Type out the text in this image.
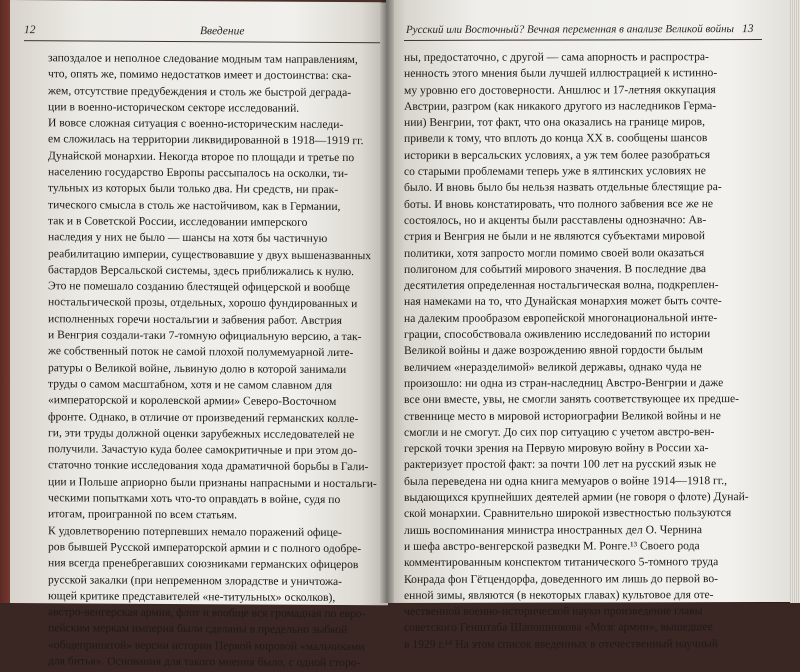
12	Введение
запоздалое и неполное следование модным там направлениям,
что, опять же, помимо недостатков имеет и достоинства: ска-
жем, отсутствие предубеждения и столь же быстрой деграда-
ции в военно-историческом секторе исследований.
И вовсе сложная ситуация с военно-историческим наследи-
ем сложилась на территории ликвидированной в 1918—1919 гг.
Дунайской монархии. Некогда второе по площади и третье по
населению государство Европы рассыпалось на осколки, ти-
тульных из которых были только два. Ни средств, ни прак-
тического смысла в столь же настойчивом, как в Германии,
так и в Советской России, исследовании имперского
наследия у них не было — шансы на хотя бы частичную
реабилитацию империи, существовавшие у двух вышеназванных
бастардов Версальской системы, здесь приближались к нулю.
Это не помешало созданию блестящей офицерской и вообще
ностальгической прозы, отдельных, хорошо фундированных и
исполненных горечи ностальгии и забвения работ. Австрия
и Венгрия создали-таки 7-томную официальную версию, а так-
же собственный поток не самой плохой полумемуарной лите-
ратуры о Великой войне, львиную долю в которой занимали
труды о самом масштабном, хотя и не самом славном для
«императорской и королевской армии» Северо-Восточном
фронте. Однако, в отличие от произведений германских колле-
ги, эти труды должной оценки зарубежных исследователей не
получили. Зачастую куда более самокритичные и при этом до-
статочно тонкие исследования хода драматичной борьбы в Гали-
ции и Польше априорно были признаны напрасными и ностальги-
ческими попытками хоть что-то оправдать в войне, судя по
итогам, проигранной по всем статьям.
К удовлетворению потерпевших немало поражений офице-
ров бывшей Русской императорской армии и с полного одобре-
ния всегда пренебрегавших союзниками германских офицеров
русской закалки (при непременном злорадстве и уничтожа-
ющей критике представителей «не-титульных» осколков),
австро-венгерская армия, флот и вообще вся громадная по евро-
пейским меркам империя были сделаны в предельно зыбкой
«общепринятой» версии истории Первой мировой «мальчиками
для битья». Основания для такого мнения было, с одной сторо-
Русский или Восточный? Вечная переменная в анализе Великой войны 13
ны, предостаточно, с другой — сама апорность и распростра-
ненность этого мнения были лучшей иллюстрацией к истинно-
му уровню его достоверности. Аншлюс и 17-летняя оккупация
Австрии, разгром (как никакого другого из наследников Герма-
нии) Венгрии, тот факт, что она оказались на границе миров,
привели к тому, что вплоть до конца XX в. сообщены шансов
историки в версальских условиях, а уж тем более разобраться
со старыми проблемами теперь уже в ялтинских условиях не
было. И вновь было бы нельзя назвать отдельные блестящие ра-
боты. И вновь констатировать, что полного забвения все же не
состоялось, но и акценты были расставлены однозначно: Ав-
стрия и Венгрия не были и не являются субъектами мировой
политики, хотя запросто могли помимо своей воли оказаться
полигоном для событий мирового значения. В последние два
десятилетия определенная ностальгическая волна, подкреплен-
ная намеками на то, что Дунайская монархия может быть сочте-
на далеким прообразом европейской многонациональной инте-
грации, способствовала оживлению исследований по истории
Великой войны и даже возрождению явной гордости былым
величием «неразделимой» великой державы, однако чуда не
произошло: ни одна из стран-наследниц Австро-Венгрии и даже
все они вместе, увы, не смогли занять соответствующее их предше-
ственнице место в мировой историографии Великой войны и не
смогли и не смогут. До сих пор ситуацию с учетом австро-вен-
герской точки зрения на Первую мировую войну в России ха-
рактеризует простой факт: за почти 100 лет на русский язык не
была переведена ни одна книга мемуаров о войне 1914—1918 гг.,
выдающихся крупнейших деятелей армии (не говоря о флоте) Дунай-
ской монархии. Сравнительно широкой известностью пользуются
лишь воспоминания министра иностранных дел О. Чернина
и шефа австро-венгерской разведки М. Ронге.¹³ Своего рода
комментированным конспектом титанического 5-томного труда
Конрада фон Гётцендорфа, доведенного им лишь до первой во-
енной зимы, являются (в некоторых главах) культовое для оте-
чественной военно-исторической науки произведение главы
советского Генштаба Шапошникова «Мозг армии», вышедшее
в 1929 г.¹⁴ На этом список введенных в отечественный научный
